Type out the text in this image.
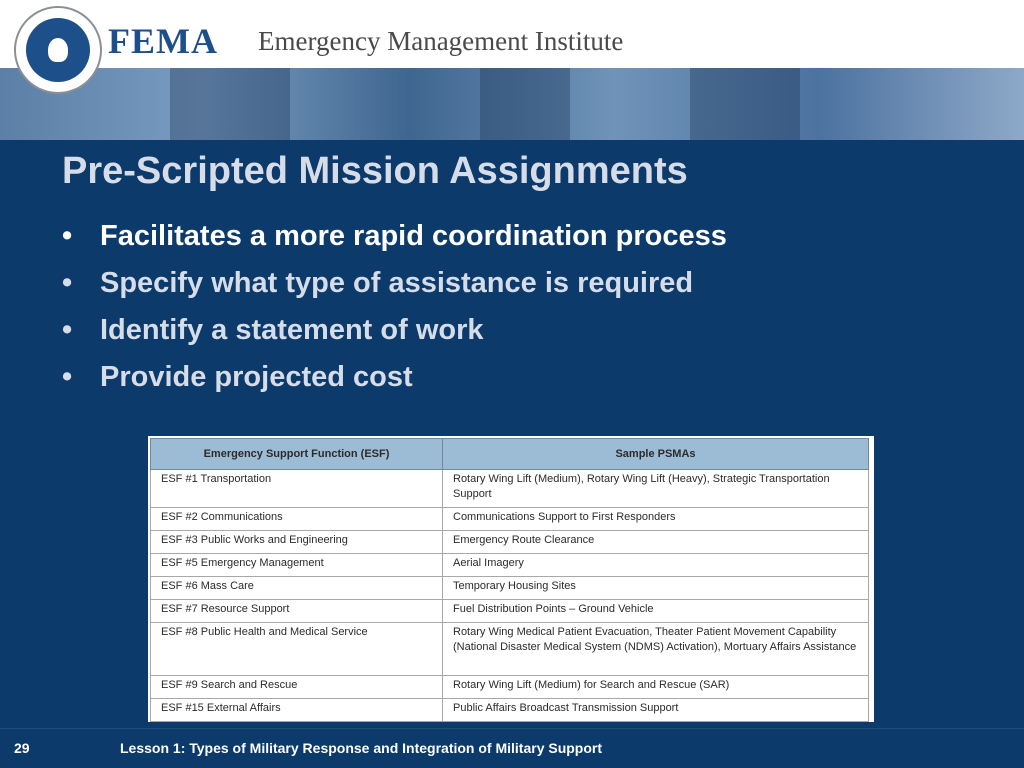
FEMA Emergency Management Institute
Pre-Scripted Mission Assignments
• Facilitates a more rapid coordination process
• Specify what type of assistance is required
• Identify a statement of work
• Provide projected cost
Emergency Support Function (ESF)	Sample PSMAs
ESF #1 Transportation	Rotary Wing Lift (Medium), Rotary Wing Lift (Heavy), Strategic Transportation Support
ESF #2 Communications	Communications Support to First Responders
ESF #3 Public Works and Engineering	Emergency Route Clearance
ESF #5 Emergency Management	Aerial Imagery
ESF #6 Mass Care	Temporary Housing Sites
ESF #7 Resource Support	Fuel Distribution Points – Ground Vehicle
ESF #8 Public Health and Medical Service	Rotary Wing Medical Patient Evacuation, Theater Patient Movement Capability (National Disaster Medical System (NDMS) Activation), Mortuary Affairs Assistance
ESF #9 Search and Rescue	Rotary Wing Lift (Medium) for Search and Rescue (SAR)
ESF #15 External Affairs	Public Affairs Broadcast Transmission Support
29	Lesson 1: Types of Military Response and Integration of Military Support
